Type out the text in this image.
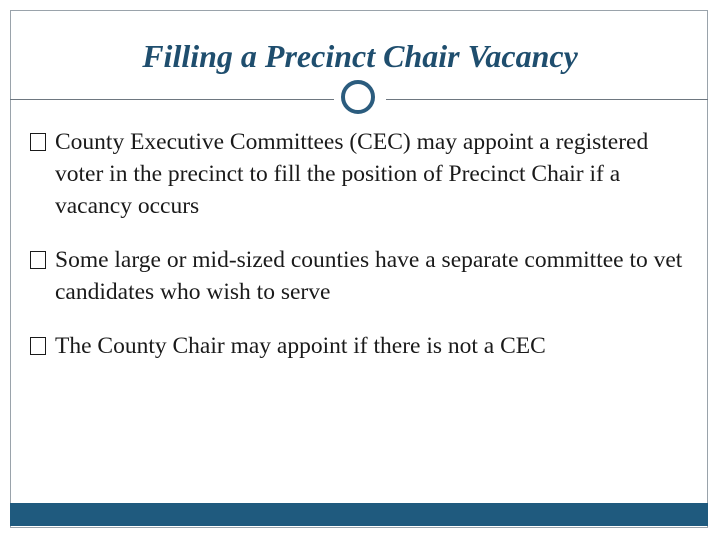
Filling a Precinct Chair Vacancy
County Executive Committees (CEC) may appoint a registered voter in the precinct to fill the position of Precinct Chair if a vacancy occurs
Some large or mid-sized counties have a separate committee to vet candidates who wish to serve
The County Chair may appoint if there is not a CEC
